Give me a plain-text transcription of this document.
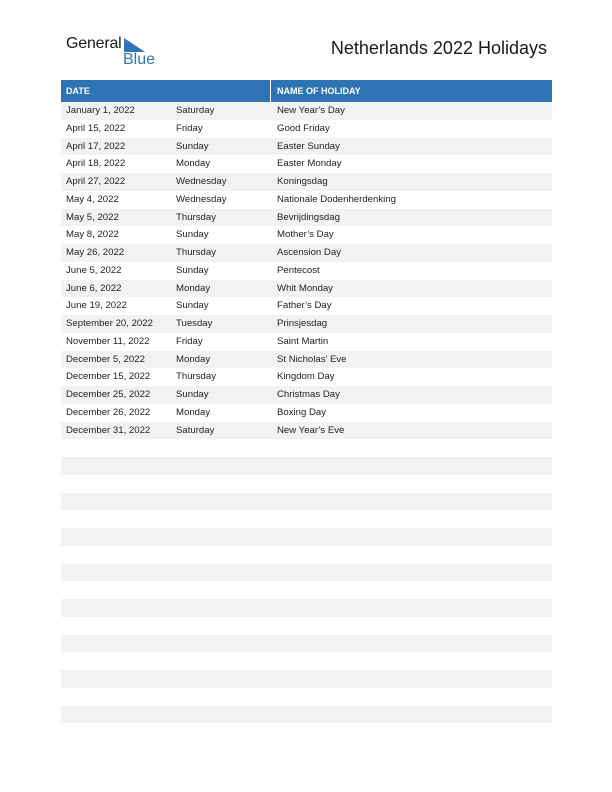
General
Blue
Netherlands 2022 Holidays
DATE	NAME OF HOLIDAY
January 1, 2022	Saturday	New Year’s Day
April 15, 2022	Friday	Good Friday
April 17, 2022	Sunday	Easter Sunday
April 18, 2022	Monday	Easter Monday
April 27, 2022	Wednesday	Koningsdag
May 4, 2022	Wednesday	Nationale Dodenherdenking
May 5, 2022	Thursday	Bevrijdingsdag
May 8, 2022	Sunday	Mother’s Day
May 26, 2022	Thursday	Ascension Day
June 5, 2022	Sunday	Pentecost
June 6, 2022	Monday	Whit Monday
June 19, 2022	Sunday	Father’s Day
September 20, 2022	Tuesday	Prinsjesdag
November 11, 2022	Friday	Saint Martin
December 5, 2022	Monday	St Nicholas’ Eve
December 15, 2022	Thursday	Kingdom Day
December 25, 2022	Sunday	Christmas Day
December 26, 2022	Monday	Boxing Day
December 31, 2022	Saturday	New Year’s Eve
